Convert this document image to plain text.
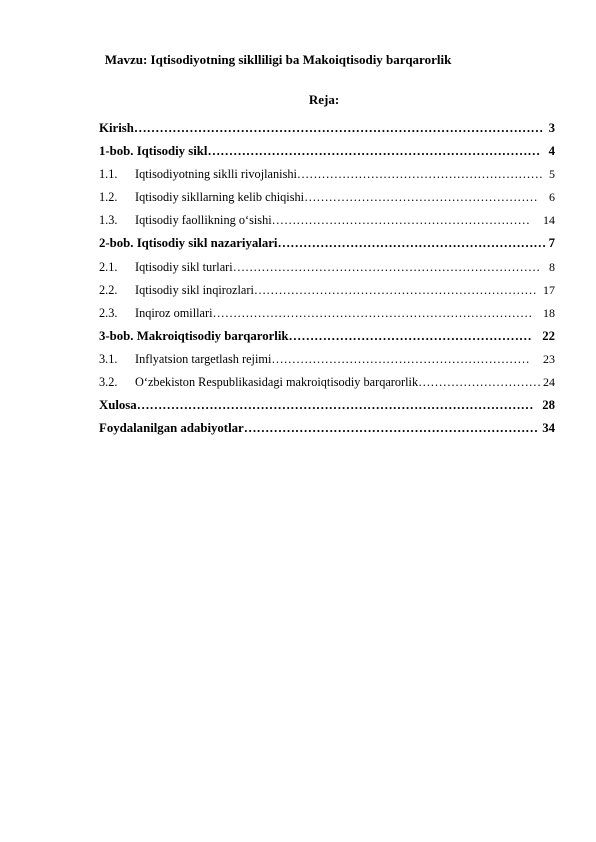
Mavzu: Iqtisodiyotning siklliligi ba Makoiqtisodiy barqarorlik
Reja:
Kirish…………………………………………………………………………………… 3
1-bob. Iqtisodiy sikl…………………………………………………………………… 4
1.1. Iqtisodiyotning siklli rivojlanishi…………………………………………………… 5
1.2. Iqtisodiy sikllarning kelib chiqishi………………………………………………… 6
1.3. Iqtisodiy faollikning o‘sishi……………………………………………………… 14
2-bob. Iqtisodiy sikl nazariyalari……………………………………………………… 7
2.1. Iqtisodiy sikl turlari………………………………………………………………… 8
2.2. Iqtisodiy sikl inqirozlari…………………………………………………………… 17
2.3. Inqiroz omillari…………………………………………………………………… 18
3-bob. Makroiqtisodiy barqarorlik………………………………………………… 22
3.1. Inflyatsion targetlash rejimi……………………………………………………… 23
3.2. O‘zbekiston Respublikasidagi makroiqtisodiy barqarorlik………………………… 24
Xulosa………………………………………………………………………………… 28
Foydalanilgan adabiyotlar…………………………………………………………… 34
